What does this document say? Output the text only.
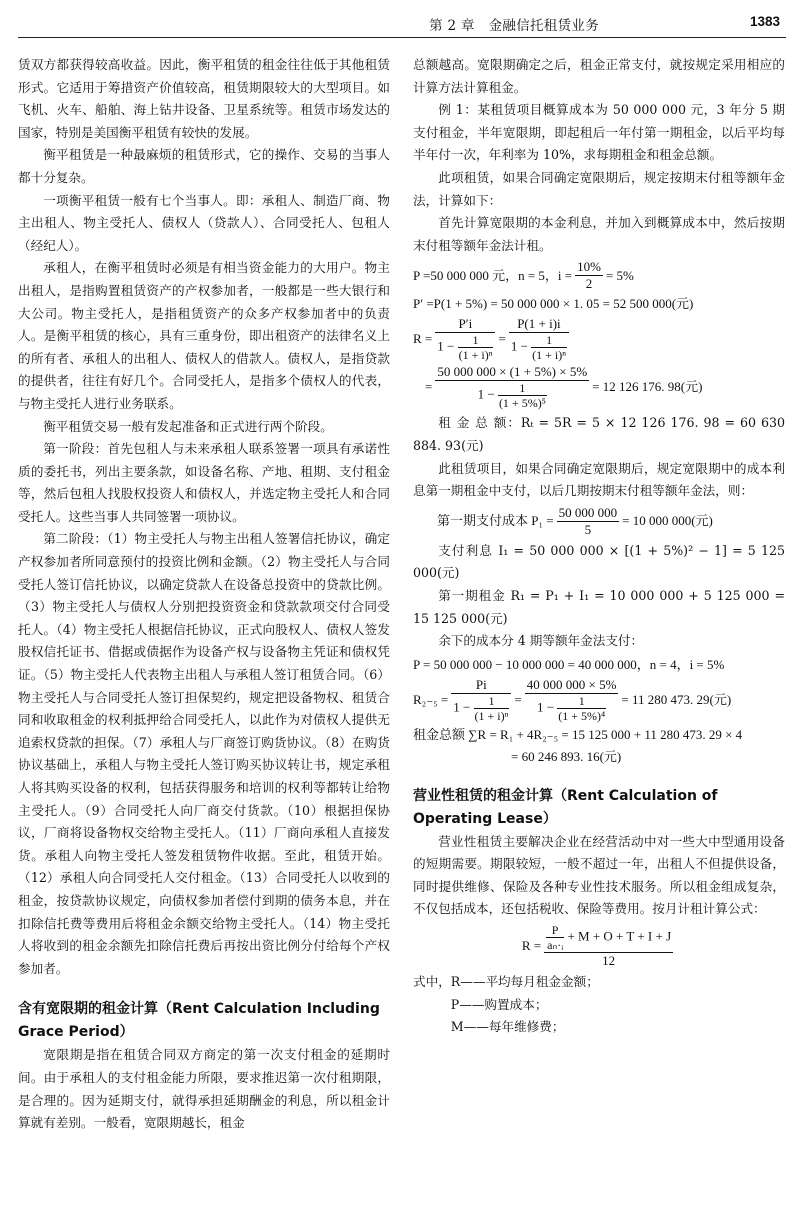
第 2 章　金融信托租赁业务	1383

赁双方都获得较高收益。因此，衡平租赁的租金往往低于其他租赁形式。它适用于筹措资产价值较高，租赁期限较大的大型项目。如飞机、火车、船舶、海上钻井设备、卫星系统等。租赁市场发达的国家，特别是美国衡平租赁有较快的发展。

衡平租赁是一种最麻烦的租赁形式，它的操作、交易的当事人都十分复杂。

一项衡平租赁一般有七个当事人。即：承租人、制造厂商、物主出租人、物主受托人、债权人（贷款人）、合同受托人、包租人（经纪人）。

承租人，在衡平租赁时必须是有相当资金能力的大用户。物主出租人，是指购置租赁资产的产权参加者，一般都是一些大银行和大公司。物主受托人，是指租赁资产的众多产权参加者中的负责人。是衡平租赁的核心，具有三重身份，即出租资产的法律名义上的所有者、承租人的出租人、债权人的借款人。债权人，是指贷款的提供者，往往有好几个。合同受托人，是指多个债权人的代表，与物主受托人进行业务联系。

衡平租赁交易一般有发起准备和正式进行两个阶段。

第一阶段：首先包租人与未来承租人联系签署一项具有承诺性质的委托书，列出主要条款，如设备名称、产地、租期、支付租金等，然后包租人找股权投资人和债权人，并选定物主受托人和合同受托人。这些当事人共同签署一项协议。

第二阶段：（1）物主受托人与物主出租人签署信托协议，确定产权参加者所同意预付的投资比例和金额。（2）物主受托人与合同受托人签订信托协议，以确定贷款人在设备总投资中的贷款比例。（3）物主受托人与债权人分别把投资资金和贷款款项交付合同受托人。（4）物主受托人根据信托协议，正式向股权人、债权人签发股权信托证书、借据或债据作为设备产权与设备物主凭证和债权凭证。（5）物主受托人代表物主出租人与承租人签订租赁合同。（6）物主受托人与合同受托人签订担保契约，规定把设备物权、租赁合同和收取租金的权利抵押给合同受托人，以此作为对债权人提供无追索权贷款的担保。（7）承租人与厂商签订购货协议。（8）在购货协议基础上，承租人与物主受托人签订购买协议转让书，规定承租人将其购买设备的权利，包括获得服务和培训的权利等都转让给物主受托人。（9）合同受托人向厂商交付货款。（10）根据担保协议，厂商将设备物权交给物主受托人。（11）厂商向承租人直接发货。承租人向物主受托人签发租赁物件收据。至此，租赁开始。（12）承租人向合同受托人交付租金。（13）合同受托人以收到的租金，按贷款协议规定，向债权参加者偿付到期的债务本息，并在扣除信托费等费用后将租金余额交给物主受托人。（14）物主受托人将收到的租金余额先扣除信托费后再按出资比例分付给每个产权参加者。

含有宽限期的租金计算（Rent Calculation Including Grace Period）

宽限期是指在租赁合同双方商定的第一次支付租金的延期时间。由于承租人的支付租金能力所限，要求推迟第一次付租期限，是合理的。因为延期支付，就得承担延期酬金的利息，所以租金计算就有差别。一般看，宽限期越长，租金

总额越高。宽限期确定之后，租金正常支付，就按规定采用相应的计算方法计算租金。

例 1：某租赁项目概算成本为 50 000 000 元，3 年分 5 期支付租金，半年宽限期，即起租后一年付第一期租金，以后平均每半年付一次，年利率为 10%，求每期租金和租金总额。

此项租赁，如果合同确定宽限期后，规定按期末付租等额年金法，计算如下：

首先计算宽限期的本金利息，并加入到概算成本中，然后按期末付租等额年金法计租。

P =50 000 000 元，n = 5，$i = \frac{10\%}{2} = 5\%$
P′ =P(1 + 5%) = 50 000 000 × 1. 05 = 52 500 000(元)
$R = \frac{P'i}{1 - \frac{1}{\text{(1 + i)ⁿ}}} = \frac{P(1 + i)i}{1 - \frac{1}{\text{(1 + i)ⁿ}}}$
= $\frac{50 000 000 \times (1 + 5\%) \times 5\%}{1 - \frac{1}{\text{(1 + 5\%)⁵}}} = 12$ 126 176. 98(元)

租 金 总 额：Rₜ = 5R = 5 × 12 126 176. 98 = 60 630 884. 93(元)

此租赁项目，如果合同确定宽限期后，规定宽限期中的成本利息第一期租金中支付，以后几期按期末付租等额年金法，则：

第一期支付成本 $P_1 = \frac{50 000 000}{5} = 10$ 000 000(元)

支付利息 I₁ = 50 000 000 × [(1 + 5%)² − 1] = 5 125 000(元)

第一期租金 R₁ = P₁ + I₁ = 10 000 000 + 5 125 000 = 15 125 000(元)

余下的成本分 4 期等额年金法支付：

P = 50 000 000 − 10 000 000 = 40 000 000，n = 4，i = 5%
$R_{2-5} = \frac{Pi}{1 - \frac{1}{\text{(1 + i)ⁿ}}} = \frac{40 000 000 \times 5\%}{1 - \frac{1}{\text{(1 + 5\%)⁴}}} = 11$ 280 473. 29(元)
租金总额 ∑R = R₁ + 4R₂₋₅ = 15 125 000 + 11 280 473. 29 × 4
= 60 246 893. 16(元)
营业性租赁的租金计算（Rent Calculation of Operating Lease）

营业性租赁主要解决企业在经营活动中对一些大中型通用设备的短期需要。期限较短，一般不超过一年，出租人不但提供设备，同时提供维修、保险及各种专业性技术服务。所以租金组成复杂，不仅包括成本，还包括税收、保险等费用。按月计租计算公式：

$R = \frac{\frac{P}{\text{aₙ·ᵢ}} + M + O + T + I + J}{12}$

式中，R——平均每月租金金额；

P——购置成本；

M——每年维修费；
